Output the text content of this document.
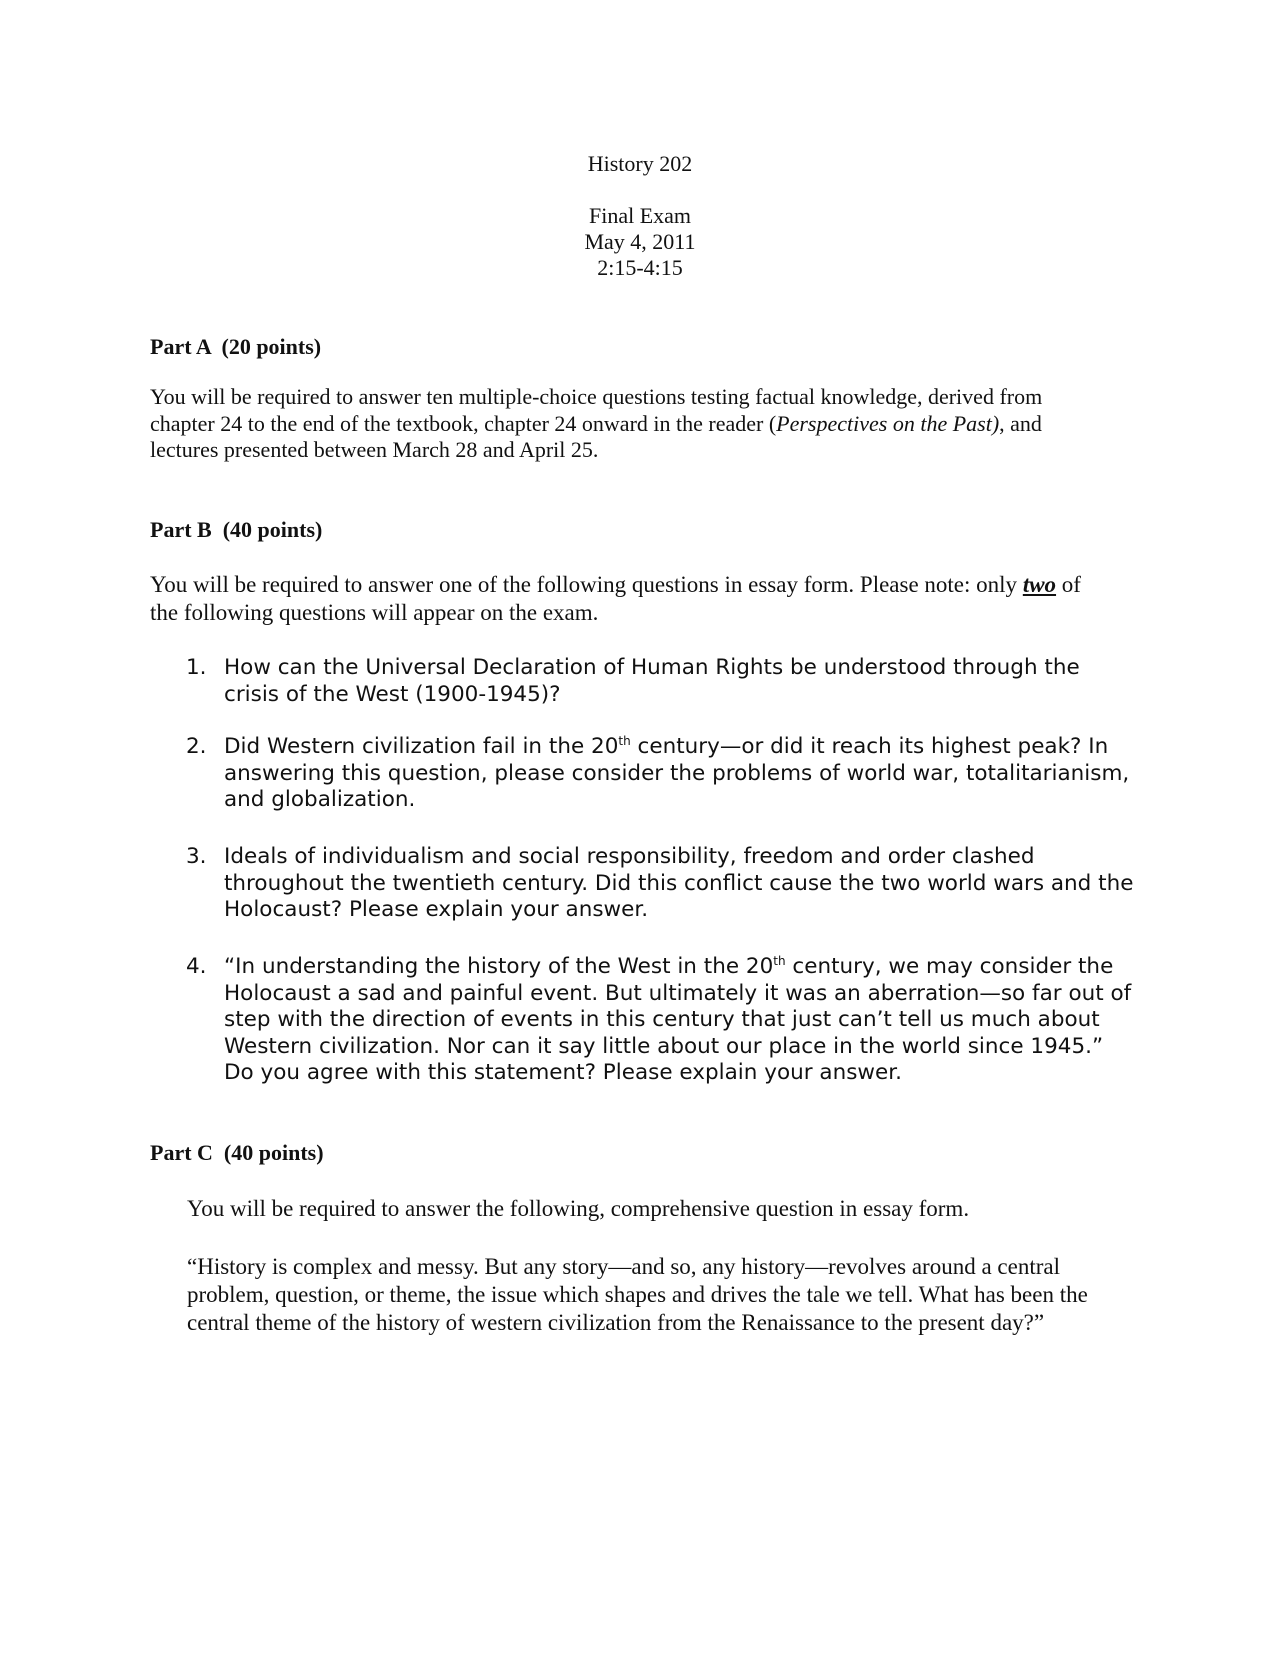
History 202
Final Exam
May 4, 2011
2:15-4:15
Part A  (20 points)
You will be required to answer ten multiple-choice questions testing factual knowledge, derived from chapter 24 to the end of the textbook, chapter 24 onward in the reader (Perspectives on the Past), and lectures presented between March 28 and April 25.
Part B  (40 points)
You will be required to answer one of the following questions in essay form. Please note: only two of the following questions will appear on the exam.
1. How can the Universal Declaration of Human Rights be understood through the crisis of the West (1900-1945)?
2. Did Western civilization fail in the 20th century—or did it reach its highest peak? In answering this question, please consider the problems of world war, totalitarianism, and globalization.
3. Ideals of individualism and social responsibility, freedom and order clashed throughout the twentieth century. Did this conflict cause the two world wars and the Holocaust? Please explain your answer.
4. “In understanding the history of the West in the 20th century, we may consider the Holocaust a sad and painful event. But ultimately it was an aberration—so far out of step with the direction of events in this century that just can’t tell us much about Western civilization. Nor can it say little about our place in the world since 1945.” Do you agree with this statement? Please explain your answer.
Part C  (40 points)
You will be required to answer the following, comprehensive question in essay form.
“History is complex and messy. But any story—and so, any history—revolves around a central problem, question, or theme, the issue which shapes and drives the tale we tell. What has been the central theme of the history of western civilization from the Renaissance to the present day?”
